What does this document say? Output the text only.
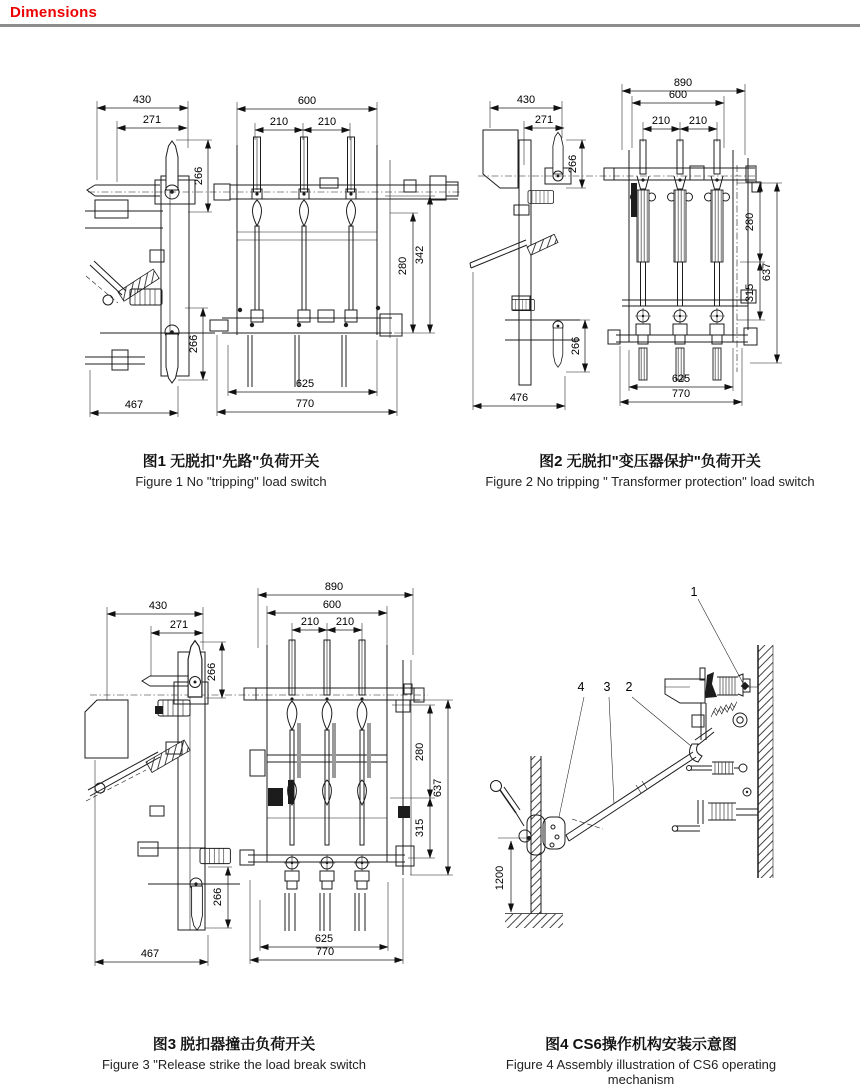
Dimensions
430
271
266
600
210	210
342
280
266
625
770
467
890
600
430
271
266
210 210
280
315
637
266
625
770
476
890
600
430
271	210 210
266
280
315
637
266
625
770
467
1
4 3 2
1200
图1 无脱扣"先路"负荷开关
Figure 1 No "tripping" load switch
图2 无脱扣"变压器保护"负荷开关
Figure 2 No tripping " Transformer protection" load switch
图3 脱扣器撞击负荷开关
Figure 3 "Release strike the load break switch
图4 CS6操作机构安装示意图
Figure 4 Assembly illustration of CS6 operating mechanism
